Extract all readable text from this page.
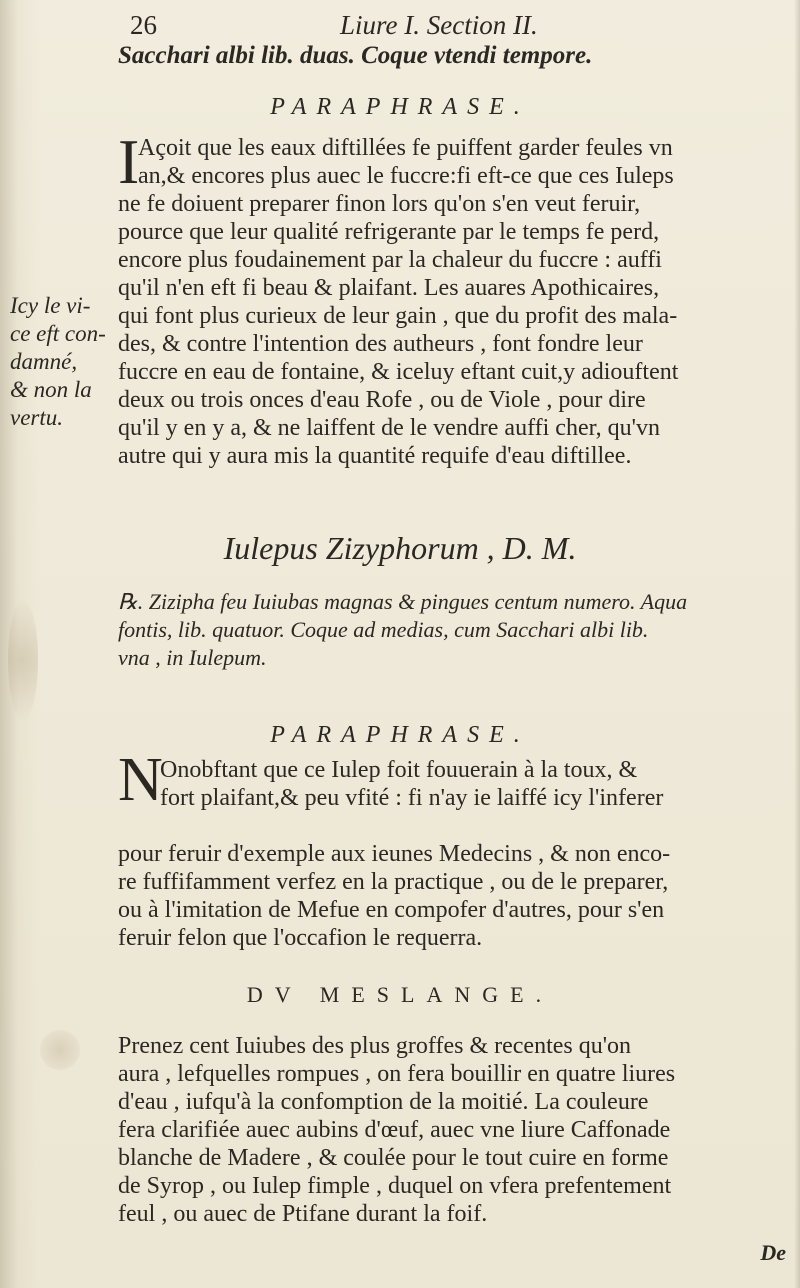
26	Liure I. Section II.
Sacchari albi lib. duas. Coque vtendi tempore.
PARAPHRASE.
I
Açoit que les eaux diftillées fe puiffent garder feules vn
an,& encores plus auec le fuccre:fi eft-ce que ces Iuleps
ne fe doiuent preparer finon lors qu'on s'en veut feruir,
pource que leur qualité refrigerante par le temps fe perd,
encore plus foudainement par la chaleur du fuccre : auffi
qu'il n'en eft fi beau & plaifant. Les auares Apothicaires,
qui font plus curieux de leur gain , que du profit des mala-
des, & contre l'intention des autheurs , font fondre leur
fuccre en eau de fontaine, & iceluy eftant cuit,y adiouftent
deux ou trois onces d'eau Rofe , ou de Viole , pour dire
qu'il y en y a, & ne laiffent de le vendre auffi cher, qu'vn
autre qui y aura mis la quantité requife d'eau diftillee.
Icy le vi-
ce eft con-
damné,
& non la
vertu.
Iulepus Zizyphorum , D. M.
℞. Zizipha feu Iuiubas magnas & pingues centum numero. Aqua
fontis, lib. quatuor. Coque ad medias, cum Sacchari albi lib.
vna , in Iulepum.
PARAPHRASE.
N
Onobftant que ce Iulep foit fouuerain à la toux, &
fort plaifant,& peu vfité : fi n'ay ie laiffé icy l'inferer
pour feruir d'exemple aux ieunes Medecins , & non enco-
re fuffifamment verfez en la practique , ou de le preparer,
ou à l'imitation de Mefue en compofer d'autres, pour s'en
feruir felon que l'occafion le requerra.
DV MESLANGE.
Prenez cent Iuiubes des plus groffes & recentes qu'on
aura , lefquelles rompues , on fera bouillir en quatre liures
d'eau , iufqu'à la confomption de la moitié. La couleure
fera clarifiée auec aubins d'œuf, auec vne liure Caffonade
blanche de Madere , & coulée pour le tout cuire en forme
de Syrop , ou Iulep fimple , duquel on vfera prefentement
feul , ou auec de Ptifane durant la foif.
De
